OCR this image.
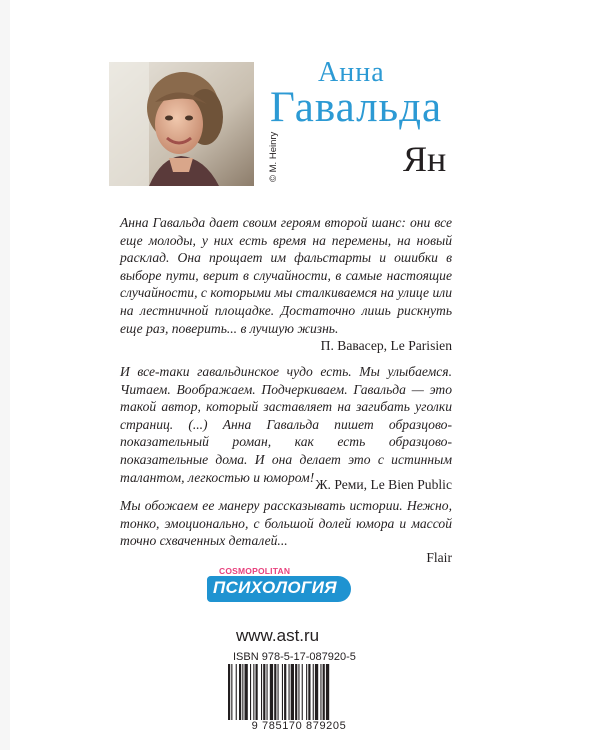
© M. Heinry
Анна
Гавальда
Ян

Анна Гавальда дает своим героям второй шанс: они все еще молоды, у них есть время на перемены, на новый расклад. Она прощает им фальстарты и ошибки в выборе пути, верит в случайности, в самые настоящие случайности, с которыми мы сталкиваемся на улице или на лестничной площадке. Достаточно лишь рискнуть еще раз, поверить... в лучшую жизнь.

П. Вавасер, Le Parisien

И все-таки гавальдинское чудо есть. Мы улыбаемся. Читаем. Воображаем. Подчеркиваем. Гавальда — это такой автор, который заставляет на загибать уголки страниц. (...) Анна Гавальда пишет образцово-показательный роман, как есть образцово-показательные дома. И она делает это с истинным талантом, легкостью и юмором! Ж. Реми, Le Bien Public

Мы обожаем ее манеру рассказывать истории. Нежно, тонко, эмоционально, с большой долей юмора и массой точно схваченных деталей...

Flair

COSMOPOLITAN
ПСИХОЛОГИЯ
www.ast.ru
ISBN 978-5-17-087920-5
9 785170 879205
